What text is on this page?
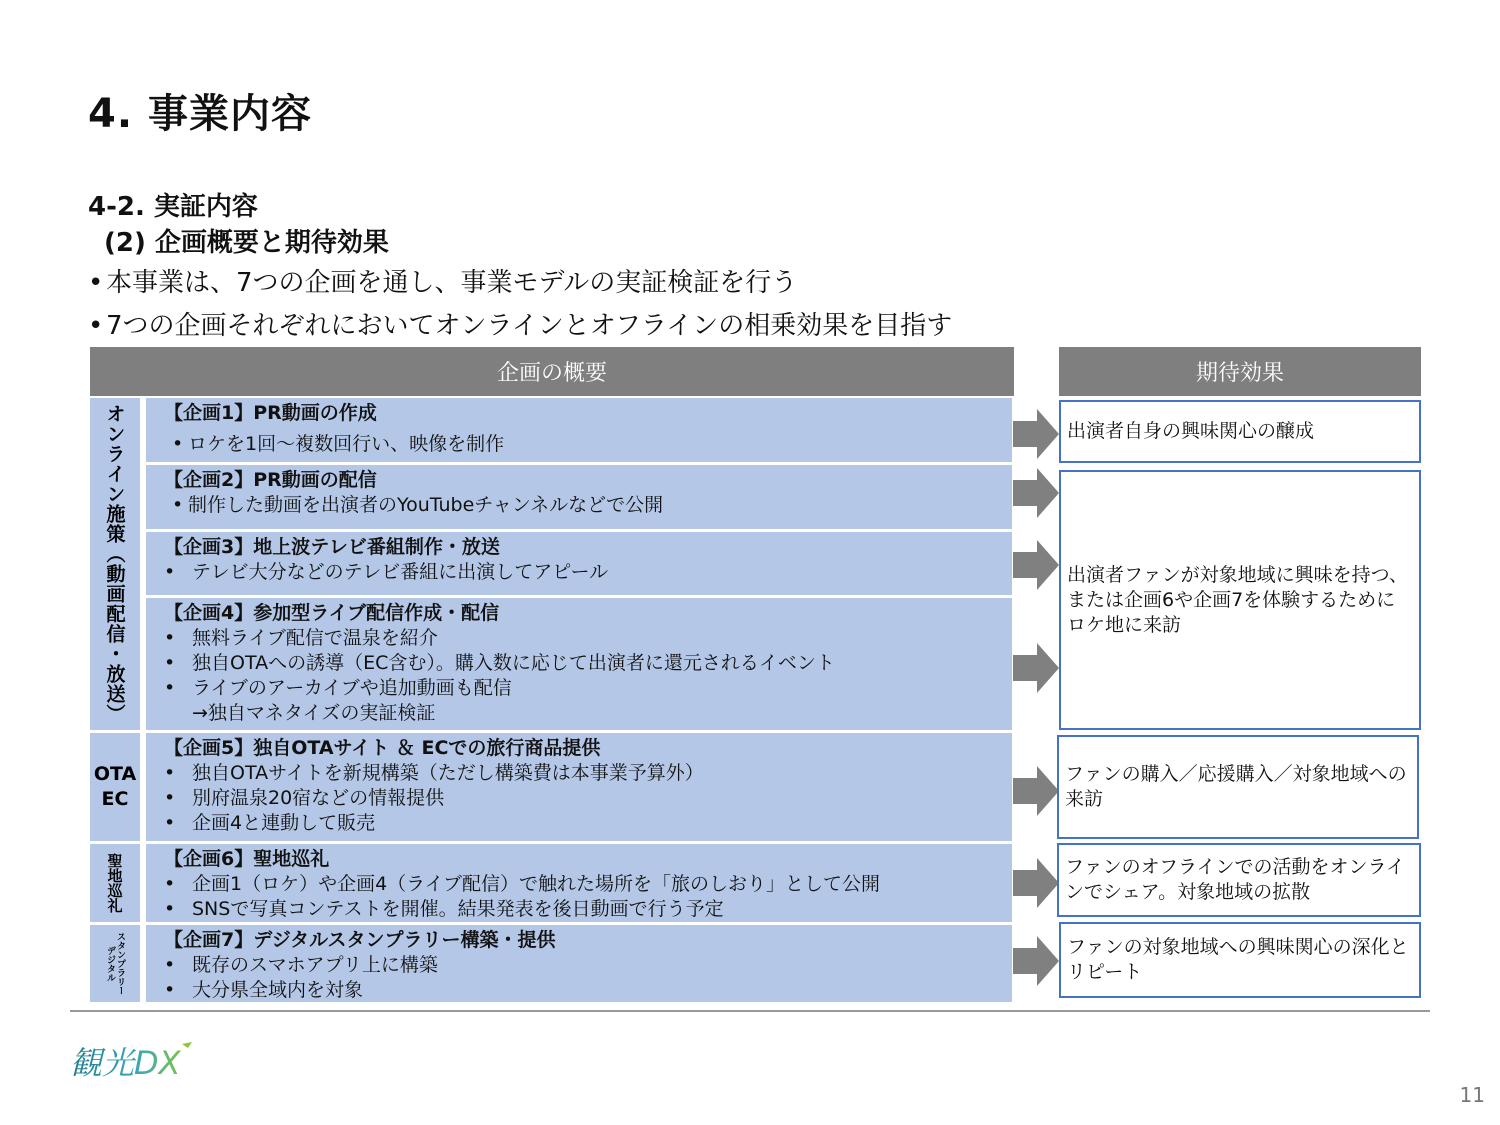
4. 事業内容
4-2. 実証内容
(2) 企画概要と期待効果
• 本事業は、7つの企画を通し、事業モデルの実証検証を行う
• 7つの企画それぞれにおいてオンラインとオフラインの相乗効果を目指す
企画の概要	期待効果
オンライン施策（動画配信・放送）
OTA
EC
聖地巡礼
デジタル スタンプラリー
【企画1】PR動画の作成
• ロケを1回～複数回行い、映像を制作
【企画2】PR動画の配信
• 制作した動画を出演者のYouTubeチャンネルなどで公開
【企画3】地上波テレビ番組制作・放送
• テレビ大分などのテレビ番組に出演してアピール
【企画4】参加型ライブ配信作成・配信
• 無料ライブ配信で温泉を紹介
• 独自OTAへの誘導（EC含む）。購入数に応じて出演者に還元されるイベント
• ライブのアーカイブや追加動画も配信
→独自マネタイズの実証検証
【企画5】独自OTAサイト ＆ ECでの旅行商品提供
• 独自OTAサイトを新規構築（ただし構築費は本事業予算外）
• 別府温泉20宿などの情報提供
• 企画4と連動して販売
【企画6】聖地巡礼
• 企画1（ロケ）や企画4（ライブ配信）で触れた場所を「旅のしおり」として公開
• SNSで写真コンテストを開催。結果発表を後日動画で行う予定
【企画7】デジタルスタンプラリー構築・提供
• 既存のスマホアプリ上に構築
• 大分県全域内を対象
出演者自身の興味関心の醸成
出演者ファンが対象地域に興味を持つ、または企画6や企画7を体験するためにロケ地に来訪
ファンの購入／応援購入／対象地域への来訪
ファンのオフラインでの活動をオンラインでシェア。対象地域の拡散
ファンの対象地域への興味関心の深化とリピート
観光DX
11
